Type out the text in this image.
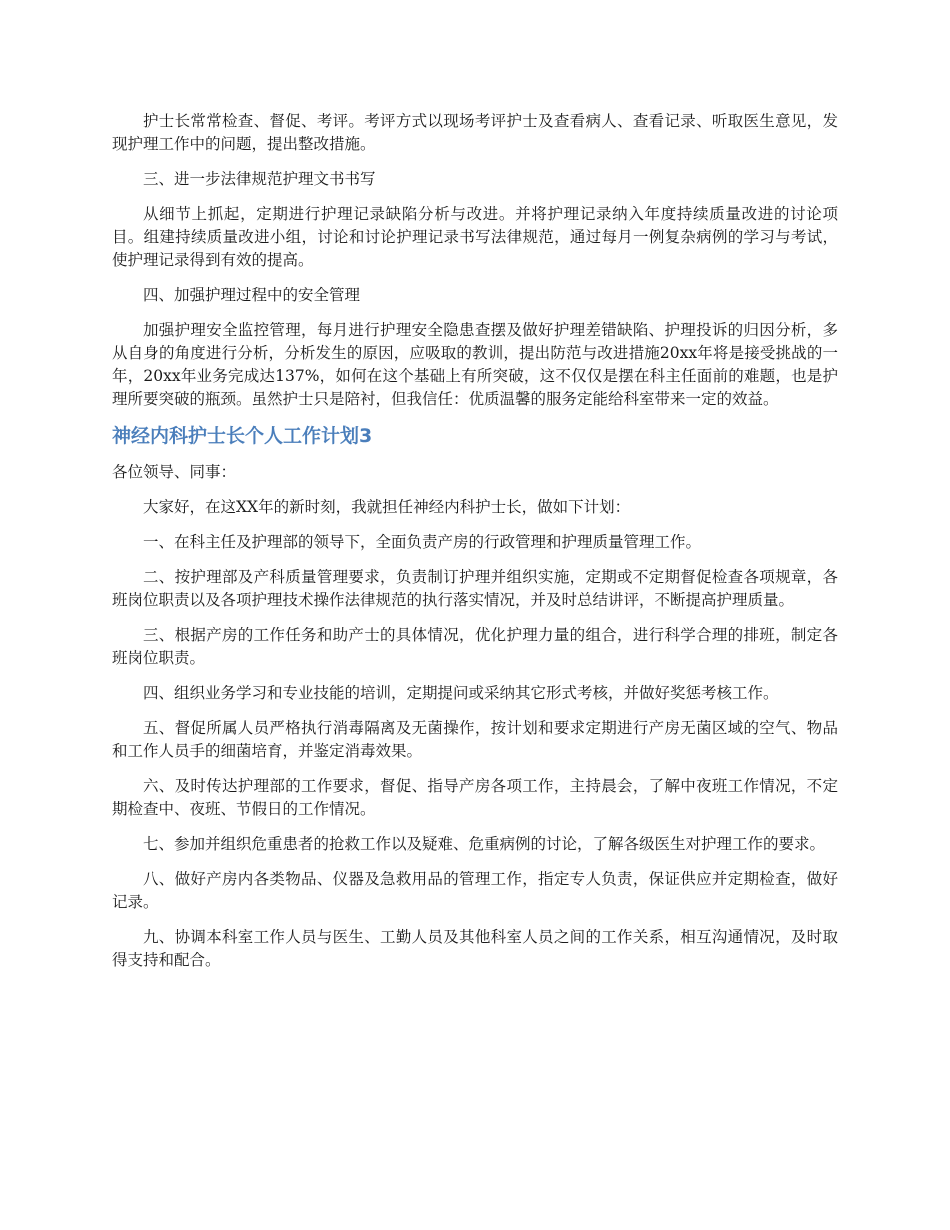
护士长常常检查、督促、考评。考评方式以现场考评护士及查看病人、查看记录、听取医生意见，发现护理工作中的问题，提出整改措施。

三、进一步法律规范护理文书书写

从细节上抓起，定期进行护理记录缺陷分析与改进。并将护理记录纳入年度持续质量改进的讨论项目。组建持续质量改进小组，讨论和讨论护理记录书写法律规范，通过每月一例复杂病例的学习与考试，使护理记录得到有效的提高。

四、加强护理过程中的安全管理

加强护理安全监控管理，每月进行护理安全隐患查摆及做好护理差错缺陷、护理投诉的归因分析，多从自身的角度进行分析，分析发生的原因，应吸取的教训，提出防范与改进措施20xx年将是接受挑战的一年，20xx年业务完成达137%，如何在这个基础上有所突破，这不仅仅是摆在科主任面前的难题，也是护理所要突破的瓶颈。虽然护士只是陪衬，但我信任：优质温馨的服务定能给科室带来一定的效益。

神经内科护士长个人工作计划3

各位领导、同事：

大家好，在这XX年的新时刻，我就担任神经内科护士长，做如下计划：

一、在科主任及护理部的领导下，全面负责产房的行政管理和护理质量管理工作。

二、按护理部及产科质量管理要求，负责制订护理并组织实施，定期或不定期督促检查各项规章，各班岗位职责以及各项护理技术操作法律规范的执行落实情况，并及时总结讲评，不断提高护理质量。

三、根据产房的工作任务和助产士的具体情况，优化护理力量的组合，进行科学合理的排班，制定各班岗位职责。

四、组织业务学习和专业技能的培训，定期提问或采纳其它形式考核，并做好奖惩考核工作。

五、督促所属人员严格执行消毒隔离及无菌操作，按计划和要求定期进行产房无菌区域的空气、物品和工作人员手的细菌培育，并鉴定消毒效果。

六、及时传达护理部的工作要求，督促、指导产房各项工作，主持晨会，了解中夜班工作情况，不定期检查中、夜班、节假日的工作情况。

七、参加并组织危重患者的抢救工作以及疑难、危重病例的讨论，了解各级医生对护理工作的要求。

八、做好产房内各类物品、仪器及急救用品的管理工作，指定专人负责，保证供应并定期检查，做好记录。

九、协调本科室工作人员与医生、工勤人员及其他科室人员之间的工作关系，相互沟通情况，及时取得支持和配合。
